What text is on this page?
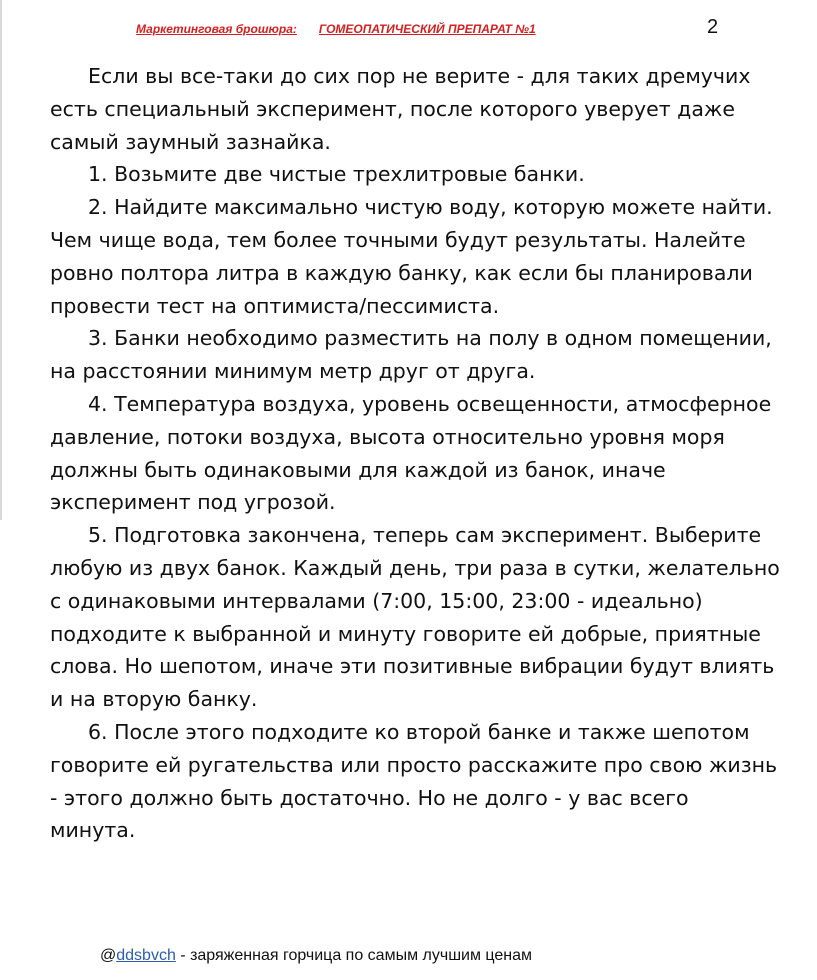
Маркетинговая брошюра: ГОМЕОПАТИЧЕСКИЙ ПРЕПАРАТ №1	2

Если вы все-таки до сих пор не верите - для таких дремучих есть специальный эксперимент, после которого уверует даже самый заумный зазнайка.

1. Возьмите две чистые трехлитровые банки.

2. Найдите максимально чистую воду, которую можете найти. Чем чище вода, тем более точными будут результаты. Налейте ровно полтора литра в каждую банку, как если бы планировали провести тест на оптимиста/пессимиста.

3. Банки необходимо разместить на полу в одном помещении, на расстоянии минимум метр друг от друга.

4. Температура воздуха, уровень освещенности, атмосферное давление, потоки воздуха, высота относительно уровня моря должны быть одинаковыми для каждой из банок, иначе эксперимент под угрозой.

5. Подготовка закончена, теперь сам эксперимент. Выберите любую из двух банок. Каждый день, три раза в сутки, желательно с одинаковыми интервалами (7:00, 15:00, 23:00 - идеально) подходите к выбранной и минуту говорите ей добрые, приятные слова. Но шепотом, иначе эти позитивные вибрации будут влиять и на вторую банку.

6. После этого подходите ко второй банке и также шепотом говорите ей ругательства или просто расскажите про свою жизнь - этого должно быть достаточно. Но не долго - у вас всего минута.

@ddsbvch - заряженная горчица по самым лучшим ценам
